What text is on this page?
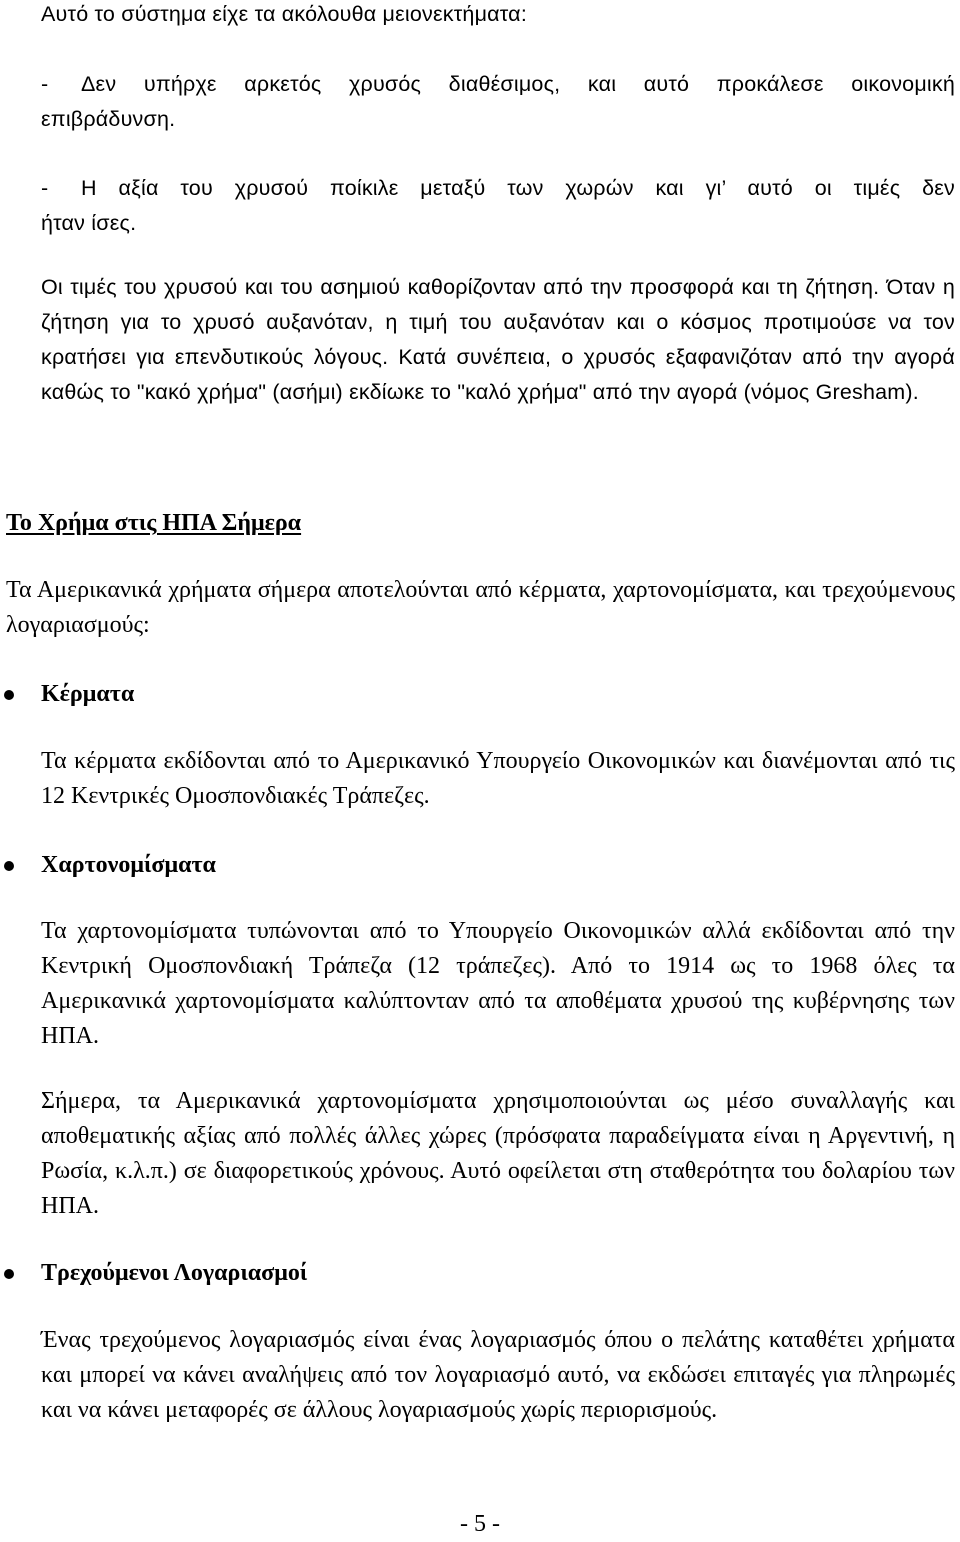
Αυτό το σύστημα είχε τα ακόλουθα μειονεκτήματα:
-	Δεν υπήρχε αρκετός χρυσός διαθέσιμος, και αυτό προκάλεσε οικονομική
επιβράδυνση.
-	Η αξία του χρυσού ποίκιλε μεταξύ των χωρών και γι’ αυτό οι τιμές δεν
ήταν ίσες.

Οι τιμές του χρυσού και του ασημιού καθορίζονταν από την προσφορά και τη ζήτηση. Όταν η ζήτηση για το χρυσό αυξανόταν, η τιμή του αυξανόταν και ο κόσμος προτιμούσε να τον κρατήσει για επενδυτικούς λόγους. Κατά συνέπεια, ο χρυσός εξαφανιζόταν από την αγορά καθώς το "κακό χρήμα" (ασήμι) εκδίωκε το "καλό χρήμα" από την αγορά (νόμος Gresham).

Το Χρήμα στις ΗΠΑ Σήμερα

Τα Αμερικανικά χρήματα σήμερα αποτελούνται από κέρματα, χαρτονομίσματα, και τρεχούμενους λογαριασμούς:

Κέρματα

Τα κέρματα εκδίδονται από το Αμερικανικό Υπουργείο Οικονομικών και διανέμονται από τις 12 Κεντρικές Ομοσπονδιακές Τράπεζες.

Χαρτονομίσματα

Τα χαρτονομίσματα τυπώνονται από το Υπουργείο Οικονομικών αλλά εκδίδονται από την Κεντρική Ομοσπονδιακή Τράπεζα (12 τράπεζες). Από το 1914 ως το 1968 όλες τα Αμερικανικά χαρτονομίσματα καλύπτονταν από τα αποθέματα χρυσού της κυβέρνησης των ΗΠΑ.

Σήμερα, τα Αμερικανικά χαρτονομίσματα χρησιμοποιούνται ως μέσο συναλλαγής και αποθεματικής αξίας από πολλές άλλες χώρες (πρόσφατα παραδείγματα είναι η Αργεντινή, η Ρωσία, κ.λ.π.) σε διαφορετικούς χρόνους. Αυτό οφείλεται στη σταθερότητα του δολαρίου των ΗΠΑ.

Τρεχούμενοι Λογαριασμοί

Ένας τρεχούμενος λογαριασμός είναι ένας λογαριασμός όπου ο πελάτης καταθέτει χρήματα και μπορεί να κάνει αναλήψεις από τον λογαριασμό αυτό, να εκδώσει επιταγές για πληρωμές και να κάνει μεταφορές σε άλλους λογαριασμούς χωρίς περιορισμούς.

- 5 -
